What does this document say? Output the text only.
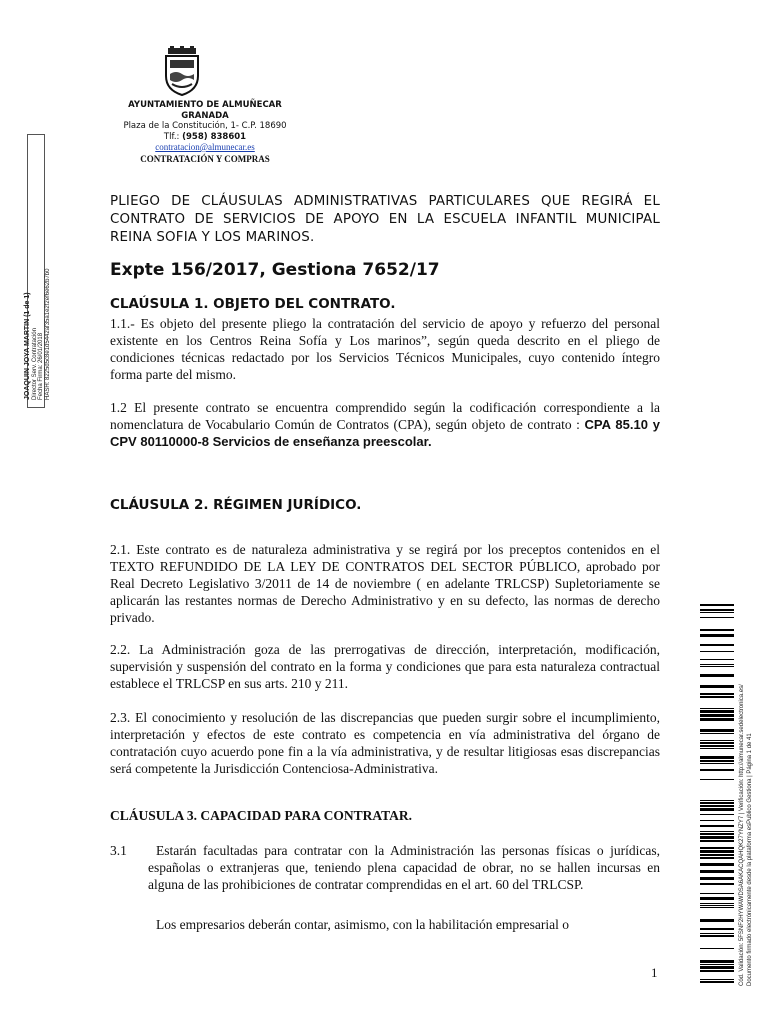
AYUNTAMIENTO DE ALMUÑECAR
GRANADA
Plaza de la Constitución, 1- C.P. 18690
Tlf.: (958) 838601
contratacion@almunecar.es
CONTRATACIÓN Y COMPRAS
JOAQUIN JOYA MARTIN (1 de 1) Director Serv. Contratación Fecha Firma: 26/01/2018 HASH: 8225d5c8e1d5442af35a1e2f2ef6e62b7b0
PLIEGO DE CLÁUSULAS ADMINISTRATIVAS PARTICULARES QUE REGIRÁ EL CONTRATO DE SERVICIOS DE APOYO EN LA ESCUELA INFANTIL MUNICIPAL REINA SOFIA Y LOS MARINOS.
Expte 156/2017, Gestiona 7652/17
CLAÚSULA 1. OBJETO DEL CONTRATO.
1.1.- Es objeto del presente pliego la contratación del servicio de apoyo y refuerzo del personal existente en los Centros Reina Sofía y Los marinos”, según queda descrito en el pliego de condiciones técnicas redactado por los Servicios Técnicos Municipales, cuyo contenido íntegro forma parte del mismo.
1.2 El presente contrato se encuentra comprendido según la codificación correspondiente a la nomenclatura de Vocabulario Común de Contratos (CPA), según objeto de contrato : CPA 85.10 y CPV 80110000-8 Servicios de enseñanza preescolar.
CLÁUSULA 2. RÉGIMEN JURÍDICO.
2.1. Este contrato es de naturaleza administrativa y se regirá por los preceptos contenidos en el TEXTO REFUNDIDO DE LA LEY DE CONTRATOS DEL SECTOR PÚBLICO, aprobado por Real Decreto Legislativo 3/2011 de 14 de noviembre ( en adelante TRLCSP) Supletoriamente se aplicarán las restantes normas de Derecho Administrativo y en su defecto, las normas de derecho privado.
2.2. La Administración goza de las prerrogativas de dirección, interpretación, modificación, supervisión y suspensión del contrato en la forma y condiciones que para esta naturaleza contractual establece el TRLCSP en sus arts. 210 y 211.
2.3. El conocimiento y resolución de las discrepancias que pueden surgir sobre el incumplimiento, interpretación y efectos de este contrato es competencia en vía administrativa del órgano de contratación cuyo acuerdo pone fin a la vía administrativa, y de resultar litigiosas esas discrepancias será competente la Jurisdicción Contenciosa-Administrativa.
CLÁUSULA 3. CAPACIDAD PARA CONTRATAR.
3.1	Estarán facultadas para contratar con la Administración las personas físicas o jurídicas, españolas o extranjeras que, teniendo plena capacidad de obrar, no se hallen incursas en alguna de las prohibiciones de contratar comprendidas en el art. 60 del TRLCSP.
Los empresarios deberán contar, asimismo, con la habilitación empresarial o
1	Cód. Validación: 5FSNF2HYWAWDSA6AKACQAHQK27YNZY7 | Verificación: http://almunecar.sedelectronica.es/ Documento firmado electrónicamente desde la plataforma esPublico Gestiona | Página 1 de 41
